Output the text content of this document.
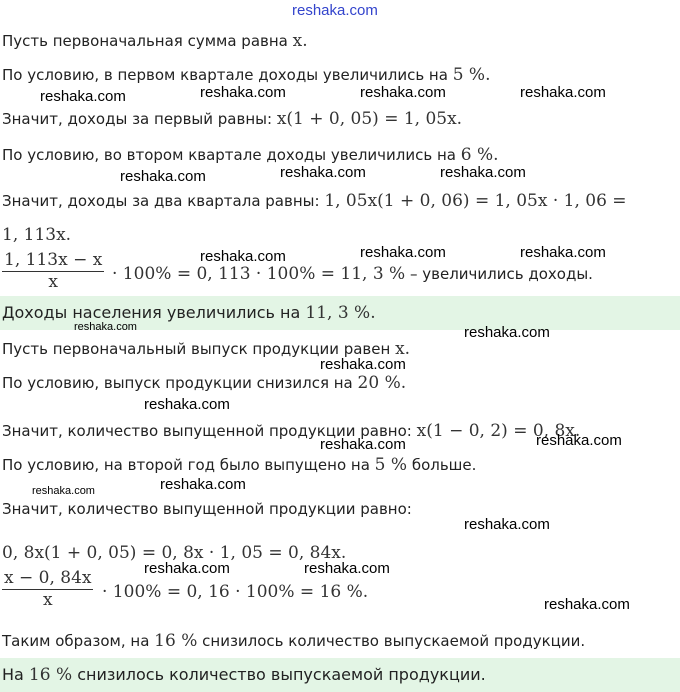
reshaka.com
Пусть первоначальная сумма равна x.
По условию, в первом квартале доходы увеличились на 5 %.
Значит, доходы за первый равны: x(1 + 0, 05) = 1, 05x.
По условию, во втором квартале доходы увеличились на 6 %.
Значит, доходы за два квартала равны: 1, 05x(1 + 0, 06) = 1, 05x · 1, 06 =
1, 113x.
$\frac{1, 113x - x}{x} \cdot 100\% = 0$, 113 · 100% = 11, 3 % – увеличились доходы.
Доходы населения увеличились на 11, 3 %.
Пусть первоначальный выпуск продукции равен x.
По условию, выпуск продукции снизился на 20 %.
Значит, количество выпущенной продукции равно: x(1 − 0, 2) = 0, 8x.
По условию, на второй год было выпущено на 5 % больше.
Значит, количество выпущенной продукции равно:
0, 8x(1 + 0, 05) = 0, 8x · 1, 05 = 0, 84x.
$\frac{x - 0, 84x}{x} \cdot 100\% = 0$, 16 · 100% = 16 %.
Таким образом, на 16 % снизилось количество выпускаемой продукции.
На 16 % снизилось количество выпускаемой продукции.
reshaka.com	reshaka.com	reshaka.com	reshaka.com
reshaka.com	reshaka.com	reshaka.com
reshaka.com	reshaka.com	reshaka.com
reshaka.com	reshaka.com
reshaka.com
reshaka.com
reshaka.com	reshaka.com
reshaka.com	reshaka.com
reshaka.com
reshaka.com	reshaka.com
reshaka.com
